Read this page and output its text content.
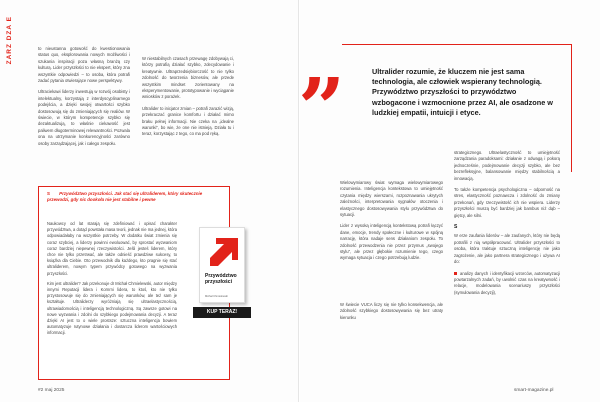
ZARZ DZA E	to nieustanna gotowość do kwestionowania status quo, eksplorowania nowych możliwości i szukania inspiracji poza własną branżą czy kulturą. Lider przyszłości to nie ekspert, który zna wszystkie odpowiedzi – to osoba, która potrafi zadać pytania otwierające nowe perspektywy.

Ultraciekawi liderzy inwestują w rozwój osobisty i intelektualny, korzystają z interdyscyplinarnego podejścia, a dzięki swojej otwartości szybko dostosowują się do zmieniających się realiów. W świecie, w którym kompetencje szybko się dezaktualizują, to właśnie ciekawość jest paliwem długoterminowej relewantności. Pozwala ona na utrzymanie konkurencyjności zarówno osoby zarządzającej, jak i całego zespołu.

W niestabilnych czasach przewagę zdobywają ci, którzy potrafią działać szybko, zdecydowanie i kreatywnie. Ultraprzedsiębiorczość to nie tylko zdolność do tworzenia biznesów, ale przede wszystkim mindset zorientowany na eksperymentowanie, prototypowanie i wyciąganie wniosków z porażek.

Ultralider to inicjator zmian – potrafi zarazić wizją, przekraczać granice komfortu i działać mimo braku pełnej informacji. Nie czeka na „idealne warunki”, bo wie, że one nie istnieją. Działa tu i teraz, korzystając z tego, co ma pod ręką.

S Przywództwo przyszłości. Jak stać się ultraliderem, który skutecznie przewodzi, gdy nic dookoła nie jest stabilne i pewne

Naukowcy od lat starają się zdefiniować i opisać charakter przywództwa, a dotąd powstała masa teorii, jednak nie ma jednej, która odpowiadałaby na wszystkie potrzeby. W dodatku świat zmienia się coraz szybciej, a liderzy powinni ewoluować, by sprostać wyzwaniom coraz bardziej niepewnej rzeczywistości. Jeśli jesteś liderem, który chce nie tylko przetrwać, ale także odnieść prawdziwe sukcesy, to książka dla Ciebie. Oto przewodnik dla każdego, kto pragnie się stać ultraliderem, nowym typem przywódcy gotowego na wyzwania przyszłości.

Kim jest ultralider? Jak przekonuje dr Michał Chmielewski, autor między innymi Reputacji lidera i Kornrni lidera, to ktoś, kto nie tylko przystosowuje się do zmieniających się warunków, ale też sam je kształtuje. Ultraliderzy wyróżniają się ultraelastycznością, ultrawiadomością i inteligencją technologiczną. Są zawsze gotowi na nowe wyzwania i zdolni do szybkiego podejmowania decyzji. A teraz dzięki AI jest to o wiele prostsze: sztuczna inteligencja bowiem automatyzuje rutynowe działania i dostarcza liderom wartościowych informacji.

Przywództwo przyszłości
Michał Chmielewski
KUP TERAZ!
#2 maj 2025

Wielowymiarowy świat wymaga wielowymiarowego rozumienia. Inteligencja kontekstowa to umiejętność czytania między wierszami, rozpoznawania ukrytych zależności, interpretowania sygnałów otoczenia i elastycznego dostosowywania stylu przywództwa do sytuacji.

Lider z wysoką inteligencją kontekstową potrafi łączyć dane, emocje, trendy społeczne i kulturowe w spójną narrację, która nadaje sens działaniom zespołu. To zdolność przewodzenia nie przez przymus „swojego stylu”, ale przez głębokie rozumienie tego, czego wymaga sytuacja i czego potrzebują ludzie.

W świecie VUCA liczy się nie tylko konsekwencja, ale zdolność szybkiego dostosowywania się bez utraty kierunku

strategicznego. Ultraelastyczność to umiejętność zarządzania paradoksami: działanie z odwagą i pokorą jednocześnie, podejmowanie decyzji szybko, ale bez bezrefleksyjne, balansowanie między stabilnością a innowacją.

To także kompetencja psychologiczna – odporność na stres, elastyczność poznawcza i zdolność do zmiany przekonań, gdy rzeczywistość ich nie wspiera. Liderzy przyszłości muszą być bardziej jak bambus niż dąb – giętcy, ale silni.

S

W erze zaufania liderów – ale zaufanych, który nie będą potrafili z nią współpracować. Ultralider przyszłości to osoba, która traktuje sztuczną inteligencję nie jako zagrożenie, ale jako partnera strategicznego i używa AI do:

analizy danych i identyfikacji wzorców, automatyzacji powtarzalnych zadań, by uwolnić czas na kreatywność i relacje, modelowania scenariuszy przyszłości (symulowania decyzji),

smart-magazine.pl
”	Ultralider rozumie, że kluczem nie jest sama technologia, ale człowiek wspierany technologią. Przywództwo przyszłości to przywództwo wzbogacone i wzmocnione przez AI, ale osadzone w ludzkiej empatii, intuicji i etyce.
